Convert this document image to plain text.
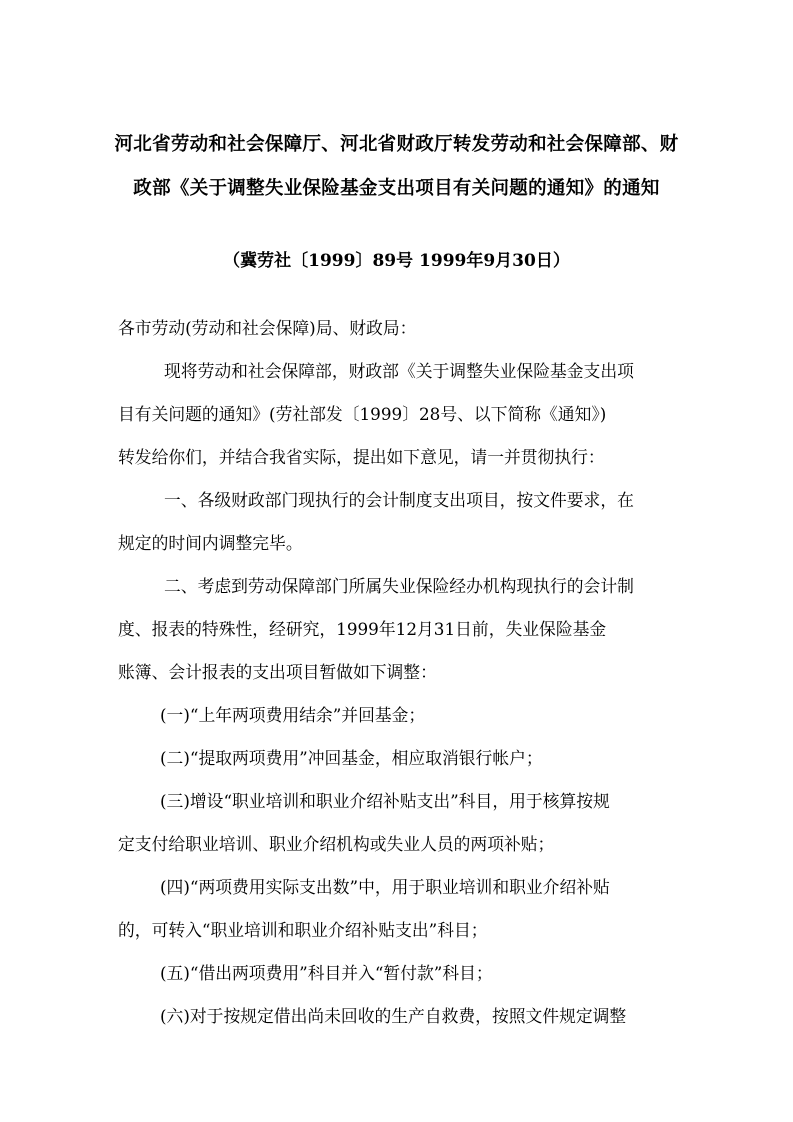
河北省劳动和社会保障厅、河北省财政厅转发劳动和社会保障部、财
政部《关于调整失业保险基金支出项目有关问题的通知》的通知
（冀劳社〔1999〕89号 1999年9月30日）
各市劳动(劳动和社会保障)局、财政局：
现将劳动和社会保障部，财政部《关于调整失业保险基金支出项
目有关问题的通知》(劳社部发〔1999〕28号、以下简称《通知》)
转发给你们，并结合我省实际，提出如下意见，请一并贯彻执行：
一、各级财政部门现执行的会计制度支出项目，按文件要求，在
规定的时间内调整完毕。
二、考虑到劳动保障部门所属失业保险经办机构现执行的会计制
度、报表的特殊性，经研究，1999年12月31日前，失业保险基金
账簿、会计报表的支出项目暂做如下调整：
(一)“上年两项费用结余”并回基金；
(二)“提取两项费用”冲回基金，相应取消银行帐户；
(三)增设“职业培训和职业介绍补贴支出”科目，用于核算按规
定支付给职业培训、职业介绍机构或失业人员的两项补贴；
(四)“两项费用实际支出数”中，用于职业培训和职业介绍补贴
的，可转入“职业培训和职业介绍补贴支出”科目；
(五)“借出两项费用”科目并入“暂付款”科目；
(六)对于按规定借出尚未回收的生产自救费，按照文件规定调整
